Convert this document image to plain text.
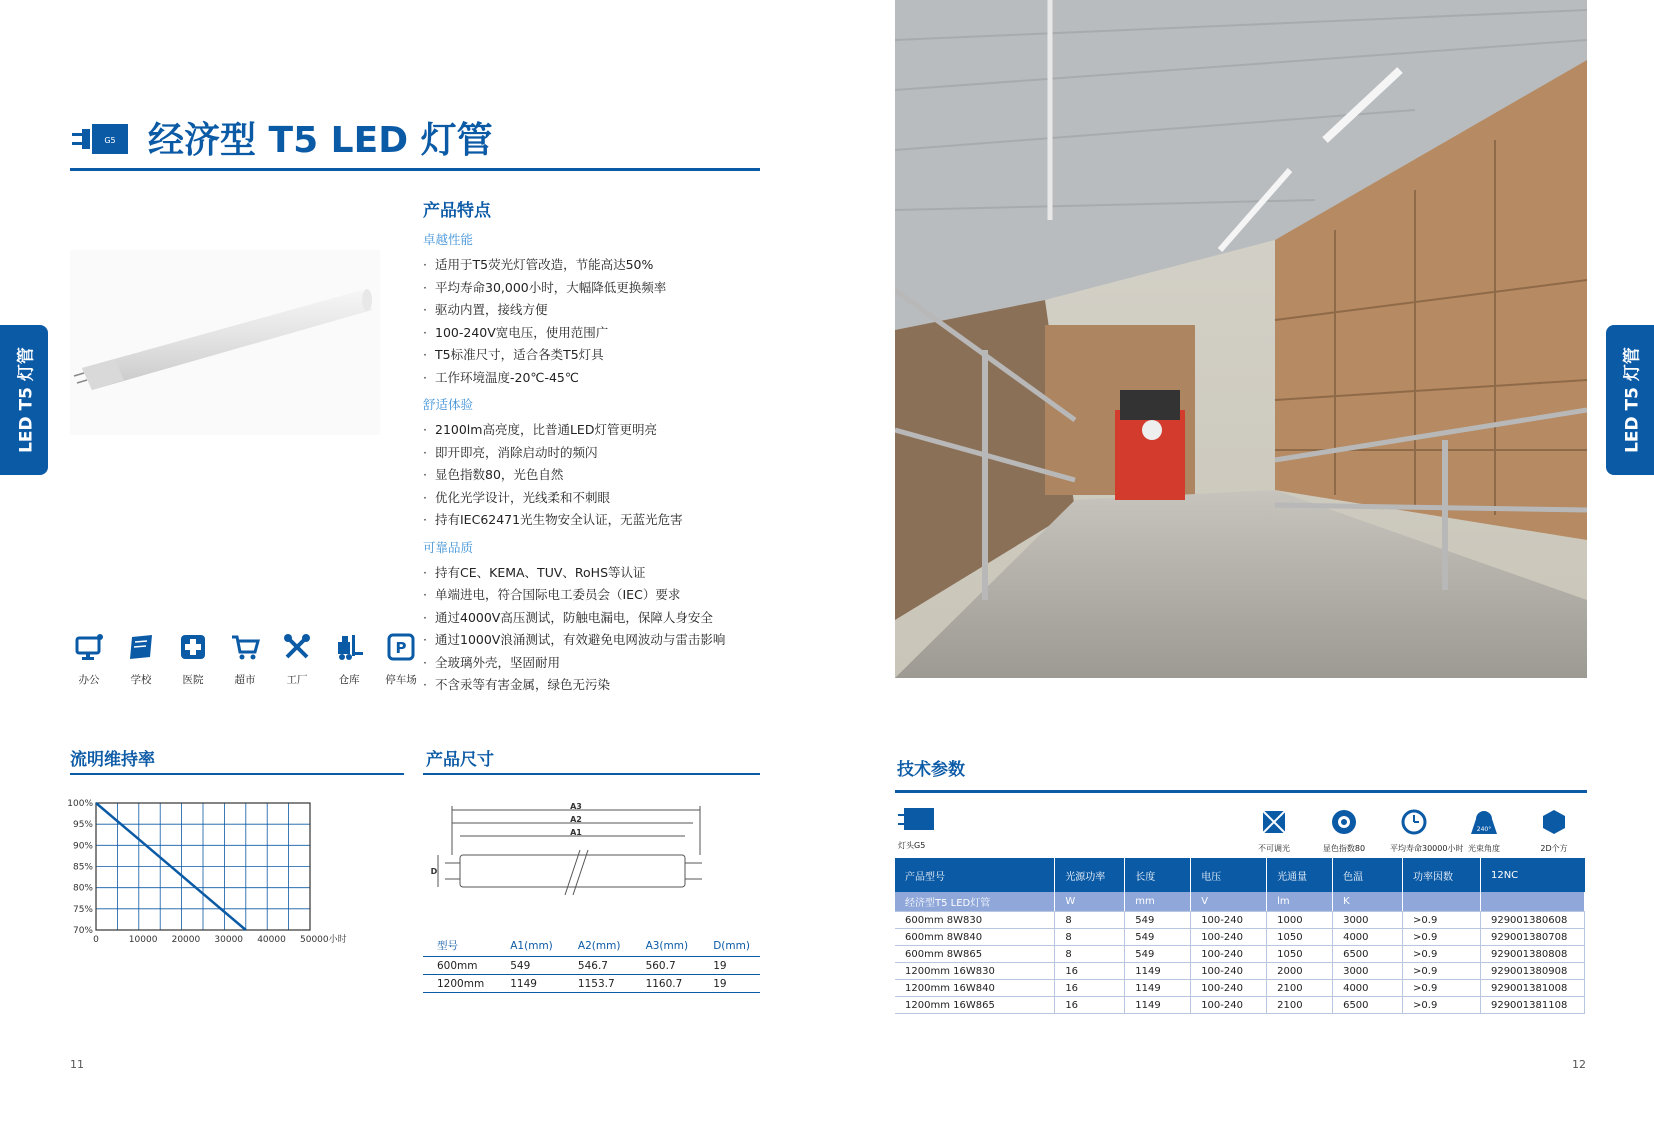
LED T5 灯管	LED T5 灯管
G5 经济型 T5 LED 灯管
产品特点
卓越性能
· 适用于T5荧光灯管改造，节能高达50%
· 平均寿命30,000小时，大幅降低更换频率
· 驱动内置，接线方便
· 100-240V宽电压，使用范围广
· T5标准尺寸，适合各类T5灯具
· 工作环境温度-20℃-45℃
舒适体验
· 2100lm高亮度，比普通LED灯管更明亮
· 即开即亮，消除启动时的频闪
· 显色指数80，光色自然
· 优化光学设计，光线柔和不刺眼
· 持有IEC62471光生物安全认证，无蓝光危害
可靠品质
· 持有CE、KEMA、TUV、RoHS等认证
· 单端进电，符合国际电工委员会（IEC）要求
· 通过4000V高压测试，防触电漏电，保障人身安全
· 通过1000V浪涌测试，有效避免电网波动与雷击影响
· 全玻璃外壳，坚固耐用
· 不含汞等有害金属，绿色无污染
办公	学校	医院	超市	工厂	仓库
P
停车场
流明维持率
100%
95%
90%
85%
80%
75%
70%
0	10000 20000 30000 40000 50000小时
产品尺寸
A3
A2
A1
D
型号	A1(mm)	A2(mm)	A3(mm)	D(mm)
600mm	549	546.7	560.7	19
1200mm	1149	1153.7	1160.7	19
技术参数
灯头G5	不可调光	显色指数80	平均寿命30000小时
240°
光束角度	2D个方
产品型号	光源功率	长度	电压	光通量	色温	功率因数	12NC
经济型T5 LED灯管	W	mm	V	lm	K		
600mm 8W830	8	549	100-240	1000	3000	>0.9	929001380608
600mm 8W840	8	549	100-240	1050	4000	>0.9	929001380708
600mm 8W865	8	549	100-240	1050	6500	>0.9	929001380808
1200mm 16W830	16	1149	100-240	2000	3000	>0.9	929001380908
1200mm 16W840	16	1149	100-240	2100	4000	>0.9	929001381008
1200mm 16W865	16	1149	100-240	2100	6500	>0.9	929001381108
11	12
